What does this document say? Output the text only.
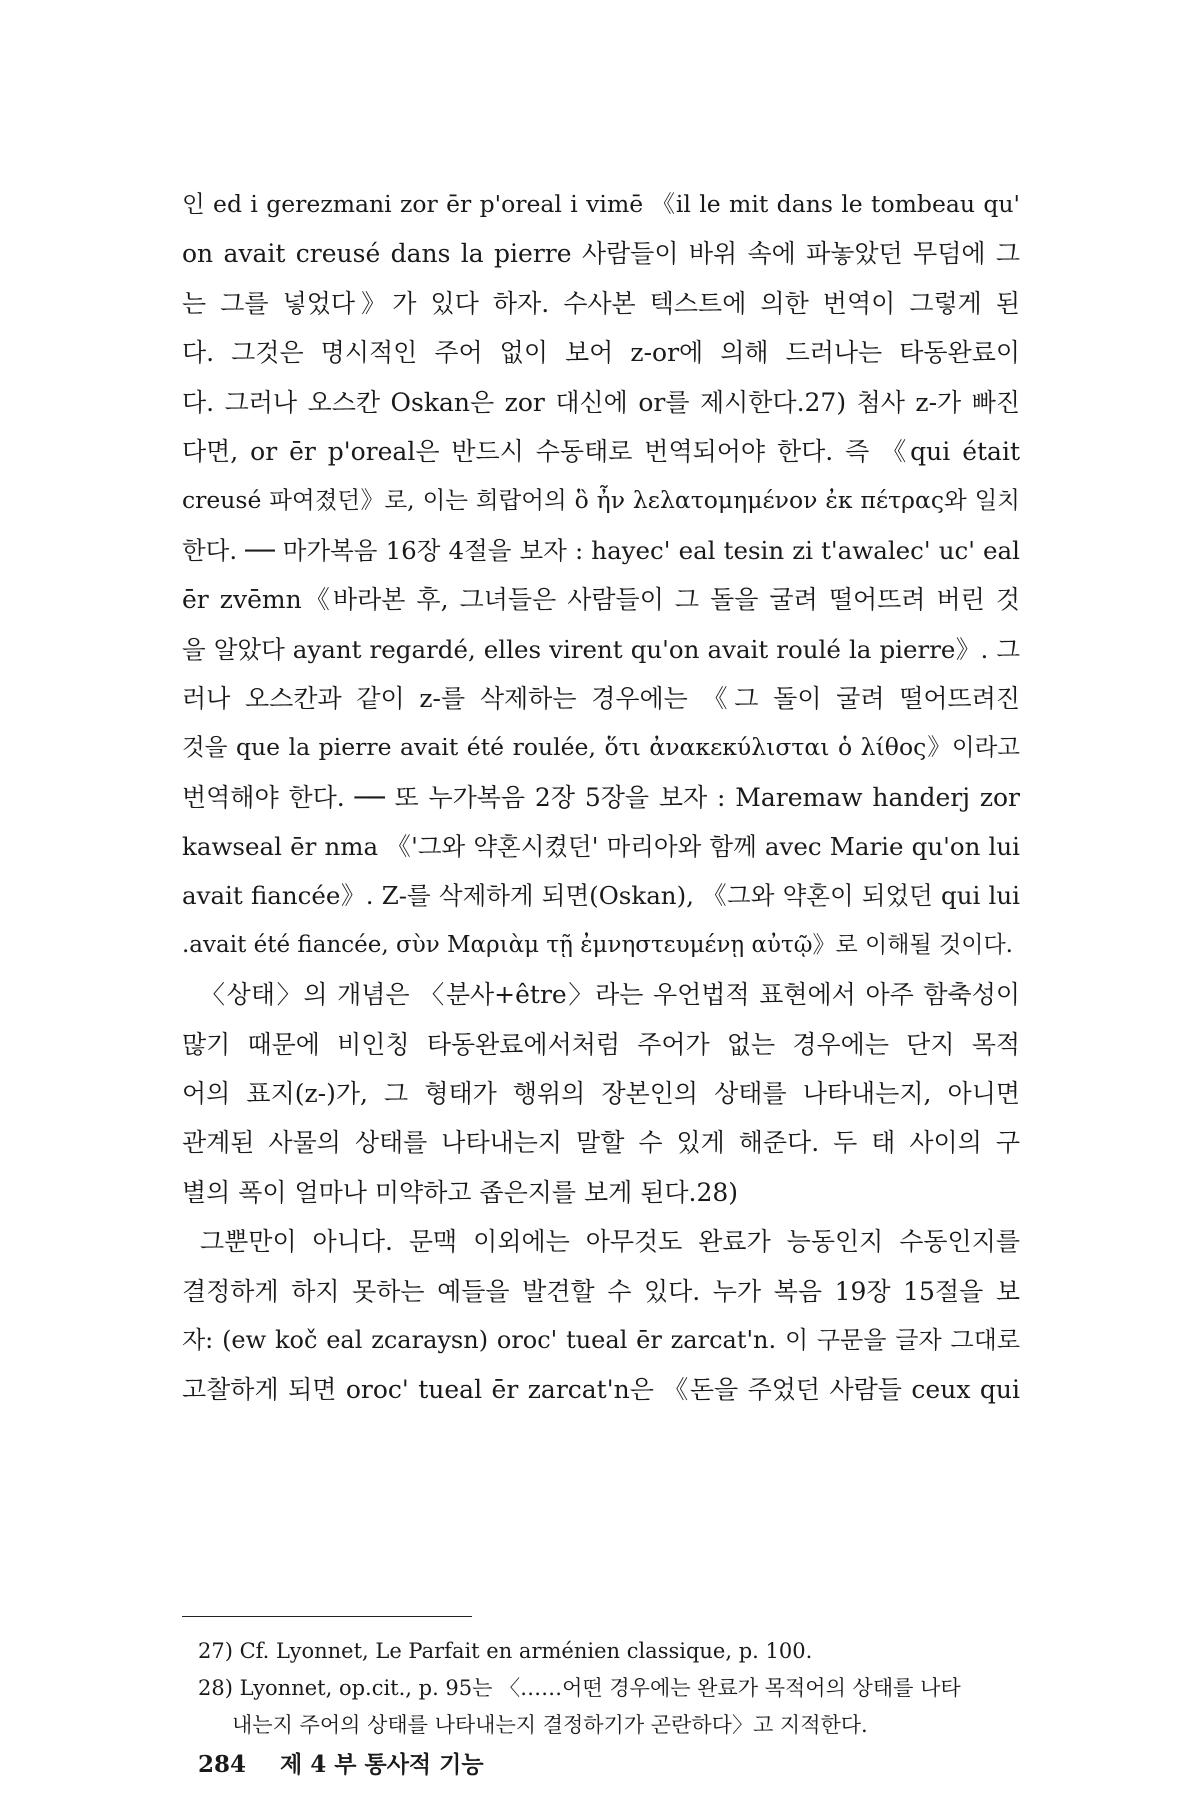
인 ed i gerezmani zor ēr p'oreal i vimē 《il le mit dans le tombeau qu'
on avait creusé dans la pierre 사람들이 바위 속에 파놓았던 무덤에 그
는 그를 넣었다》가 있다 하자. 수사본 텍스트에 의한 번역이 그렇게 된
다. 그것은 명시적인 주어 없이 보어 z-or에 의해 드러나는 타동완료이
다. 그러나 오스칸 Oskan은 zor 대신에 or를 제시한다.27) 첨사 z-가 빠진
다면, or ēr p'oreal은 반드시 수동태로 번역되어야 한다. 즉 《qui était
creusé 파여졌던》로, 이는 희랍어의 ὃ ἦν λελατομημένον ἐκ πέτρας와 일치
한다. ── 마가복음 16장 4절을 보자 : hayec' eal tesin zi t'awalec' uc' eal
ēr zvēmn《바라본 후, 그녀들은 사람들이 그 돌을 굴려 떨어뜨려 버린 것
을 알았다 ayant regardé, elles virent qu'on avait roulé la pierre》. 그
러나 오스칸과 같이 z-를 삭제하는 경우에는 《그 돌이 굴려 떨어뜨려진
것을 que la pierre avait été roulée, ὅτι ἀνακεκύλισται ὁ λίθος》이라고
번역해야 한다. ── 또 누가복음 2장 5장을 보자 : Maremaw handerj zor
kawseal ēr nma 《'그와 약혼시켰던' 마리아와 함께 avec Marie qu'on lui
avait fiancée》. Z-를 삭제하게 되면(Oskan), 《그와 약혼이 되었던 qui lui
.avait été fiancée, σὺν Μαριὰμ τῇ ἐμνηστευμένῃ αὐτῷ》로 이해될 것이다.
〈상태〉의 개념은 〈분사+être〉라는 우언법적 표현에서 아주 함축성이
많기 때문에 비인칭 타동완료에서처럼 주어가 없는 경우에는 단지 목적
어의 표지(z-)가, 그 형태가 행위의 장본인의 상태를 나타내는지, 아니면
관계된 사물의 상태를 나타내는지 말할 수 있게 해준다. 두 태 사이의 구
별의 폭이 얼마나 미약하고 좁은지를 보게 된다.28)
그뿐만이 아니다. 문맥 이외에는 아무것도 완료가 능동인지 수동인지를
결정하게 하지 못하는 예들을 발견할 수 있다. 누가 복음 19장 15절을 보
자: (ew koč eal zcaraysn) oroc' tueal ēr zarcat'n. 이 구문을 글자 그대로
고찰하게 되면 oroc' tueal ēr zarcat'n은 《돈을 주었던 사람들 ceux qui
27) Cf. Lyonnet, Le Parfait en arménien classique, p. 100.
28) Lyonnet, op.cit., p. 95는 〈……어떤 경우에는 완료가 목적어의 상태를 나타
내는지 주어의 상태를 나타내는지 결정하기가 곤란하다〉고 지적한다.
284 제 4 부 통사적 기능
